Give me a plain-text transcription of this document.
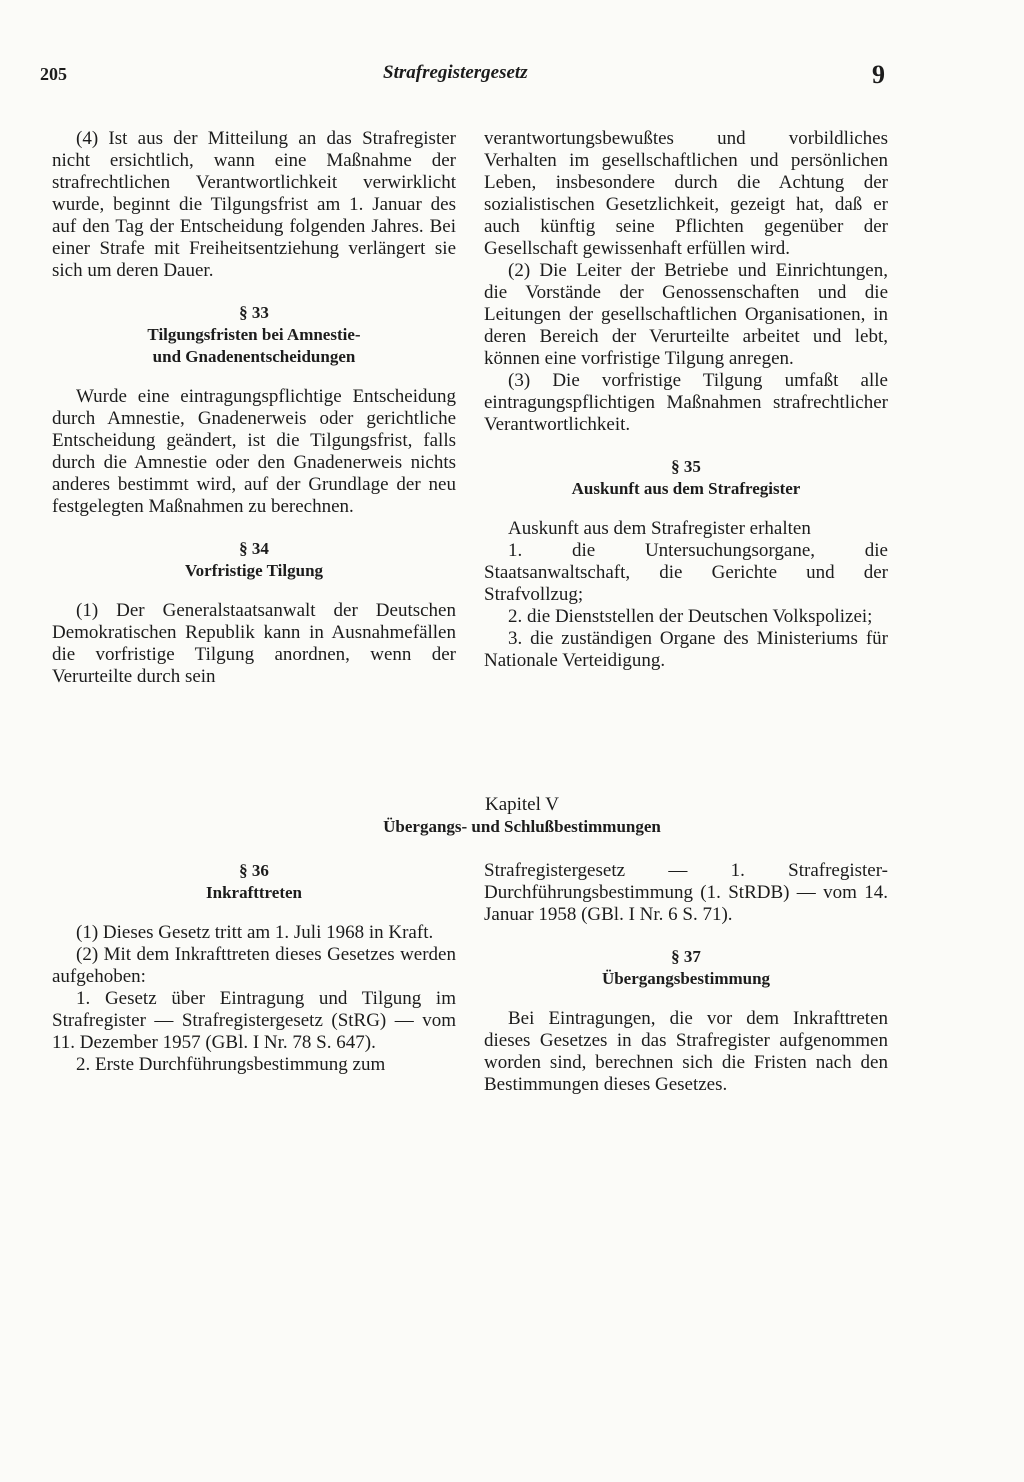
205	Strafregistergesetz	9

(4) Ist aus der Mitteilung an das Strafregister nicht ersichtlich, wann eine Maßnahme der strafrechtlichen Verantwortlichkeit verwirklicht wurde, beginnt die Tilgungsfrist am 1. Januar des auf den Tag der Entscheidung folgenden Jahres. Bei einer Strafe mit Freiheitsentziehung verlängert sie sich um deren Dauer.

§ 33
Tilgungsfristen bei Amnestie-
und Gnadenentscheidungen

Wurde eine eintragungspflichtige Entscheidung durch Amnestie, Gnadenerweis oder gerichtliche Entscheidung geändert, ist die Tilgungsfrist, falls durch die Amnestie oder den Gnadenerweis nichts anderes bestimmt wird, auf der Grundlage der neu festgelegten Maßnahmen zu berechnen.

§ 34
Vorfristige Tilgung

(1) Der Generalstaatsanwalt der Deutschen Demokratischen Republik kann in Ausnahmefällen die vorfristige Tilgung anordnen, wenn der Verurteilte durch sein

verantwortungsbewußtes und vorbildliches Verhalten im gesellschaftlichen und persönlichen Leben, insbesondere durch die Achtung der sozialistischen Gesetzlichkeit, gezeigt hat, daß er auch künftig seine Pflichten gegenüber der Gesellschaft gewissenhaft erfüllen wird.

(2) Die Leiter der Betriebe und Einrichtungen, die Vorstände der Genossenschaften und die Leitungen der gesellschaftlichen Organisationen, in deren Bereich der Verurteilte arbeitet und lebt, können eine vorfristige Tilgung anregen.

(3) Die vorfristige Tilgung umfaßt alle eintragungspflichtigen Maßnahmen strafrechtlicher Verantwortlichkeit.

§ 35
Auskunft aus dem Strafregister

Auskunft aus dem Strafregister erhalten

1. die Untersuchungsorgane, die Staatsanwaltschaft, die Gerichte und der Strafvollzug;

2. die Dienststellen der Deutschen Volkspolizei;

3. die zuständigen Organe des Ministeriums für Nationale Verteidigung.

Kapitel V
Übergangs- und Schlußbestimmungen
§ 36
Inkrafttreten

(1) Dieses Gesetz tritt am 1. Juli 1968 in Kraft.

(2) Mit dem Inkrafttreten dieses Gesetzes werden aufgehoben:

1. Gesetz über Eintragung und Tilgung im Strafregister — Strafregistergesetz (StRG) — vom 11. Dezember 1957 (GBl. I Nr. 78 S. 647).

2. Erste Durchführungsbestimmung zum

Strafregistergesetz — 1. Strafregister-Durchführungsbestimmung (1. StRDB) — vom 14. Januar 1958 (GBl. I Nr. 6 S. 71).

§ 37
Übergangsbestimmung

Bei Eintragungen, die vor dem Inkrafttreten dieses Gesetzes in das Strafregister aufgenommen worden sind, berechnen sich die Fristen nach den Bestimmungen dieses Gesetzes.
